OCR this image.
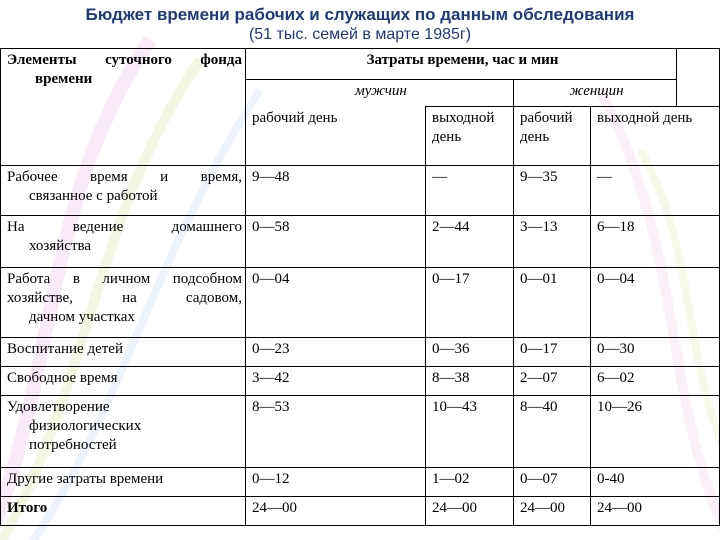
Бюджет времени рабочих и служащих по данным обследования
(51 тыс. семей в марте 1985г)
Элементы суточного фонда
времени	Затраты времени, час и мин				
	мужчин		женщин		
	рабочий день	выходной день	рабочий день	выходной день	

Рабочее время и время,
связанное с работой	9—48	—	9—35	—	

На ведение домашнего
хозяйства	0—58	2—44	3—13	6—18	

Работа в личном подсобном
хозяйстве, на садовом,
дачном участках	0—04	0—17	0—01	0—04	
Воспитание детей	0—23	0—36	0—17	0—30	
Свободное время	3—42	8—38	2—07	6—02	

Удовлетворение
физиологических
потребностей	8—53	10—43	8—40	10—26	
Другие затраты времени	0—12	1—02	0—07	0-40	
Итого	24—00	24—00	24—00	24—00	
